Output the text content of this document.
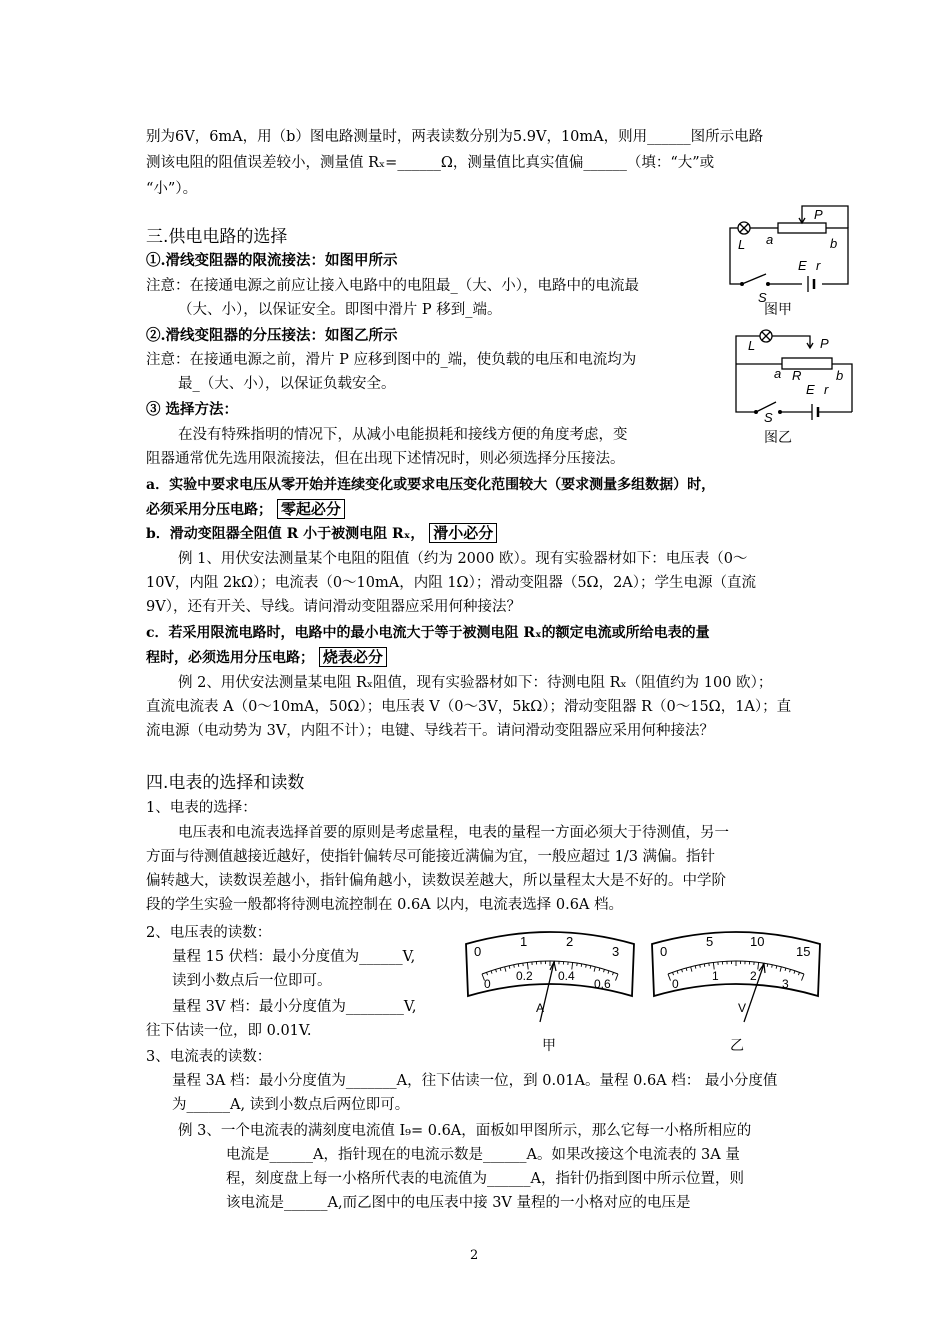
别为6V，6mA，用（b）图电路测量时，两表读数分别为5.9V，10mA，则用______图所示电路
测该电阻的阻值误差较小，测量值 Rₓ=______Ω，测量值比真实值偏______（填：“大”或
“小”）。
三.供电电路的选择
①.滑线变阻器的限流接法：如图甲所示
注意：在接通电源之前应让接入电路中的电阻最_（大、小），电路中的电流最
（大、小），以保证安全。即图中滑片 P 移到_端。
②.滑线变阻器的分压接法：如图乙所示
注意：在接通电源之前，滑片 P 应移到图中的_端，使负载的电压和电流均为
最_（大、小），以保证负载安全。
③ 选择方法：
在没有特殊指明的情况下，从减小电能损耗和接线方便的角度考虑，变
阻器通常优先选用限流接法，但在出现下述情况时，则必须选择分压接法。
a．实验中要求电压从零开始并连续变化或要求电压变化范围较大（要求测量多组数据）时，
必须采用分压电路； 零起必分
b．滑动变阻器全阻值 R 小于被测电阻 Rₓ， 滑小必分
例 1、用伏安法测量某个电阻的阻值（约为 2000 欧）。现有实验器材如下：电压表（0～
10V，内阻 2kΩ）；电流表（0～10mA，内阻 1Ω）；滑动变阻器（5Ω，2A）；学生电源（直流
9V），还有开关、导线。请问滑动变阻器应采用何种接法？
c．若采用限流电路时，电路中的最小电流大于等于被测电阻 Rₓ的额定电流或所给电表的量
程时，必须选用分压电路； 烧表必分
例 2、用伏安法测量某电阻 Rₓ阻值，现有实验器材如下：待测电阻 Rₓ（阻值约为 100 欧）；
直流电流表 A（0～10mA，50Ω）；电压表 V（0～3V，5kΩ）；滑动变阻器 R（0～15Ω，1A）；直
流电源（电动势为 3V，内阻不计）；电键、导线若干。请问滑动变阻器应采用何种接法？
四.电表的选择和读数
1、电表的选择：
电压表和电流表选择首要的原则是考虑量程，电表的量程一方面必须大于待测值，另一
方面与待测值越接近越好，使指针偏转尽可能接近满偏为宜，一般应超过 1/3 满偏。指针
偏转越大，读数误差越小，指针偏角越小，读数误差越大，所以量程太大是不好的。中学阶
段的学生实验一般都将待测电流控制在 0.6A 以内，电流表选择 0.6A 档。
2、电压表的读数：
量程 15 伏档：最小分度值为______V,
读到小数点后一位即可。
量程 3V 档：最小分度值为________V,
往下估读一位，即 0.01V.
3、电流表的读数：
量程 3A 档：最小分度值为_______A，往下估读一位，到 0.01A。量程 0.6A 档： 最小分度值
为______A, 读到小数点后两位即可。
例 3、一个电流表的满刻度电流值 I₉= 0.6A，面板如甲图所示，那么它每一小格所相应的
电流是______A，指针现在的电流示数是______A。如果改接这个电流表的 3A 量
程，刻度盘上每一小格所代表的电流值为______A，指针仍指到图中所示位置，则
该电流是______A,而乙图中的电压表中接 3V 量程的一小格对应的电压是
P
L a	b
E r
S
图甲
L	P
a R	b
E r
S
图乙
0
1	2
3
0
0.2 0.4
0.6
A
甲
0
5	10
15
0
1	2
3
V
乙
2
